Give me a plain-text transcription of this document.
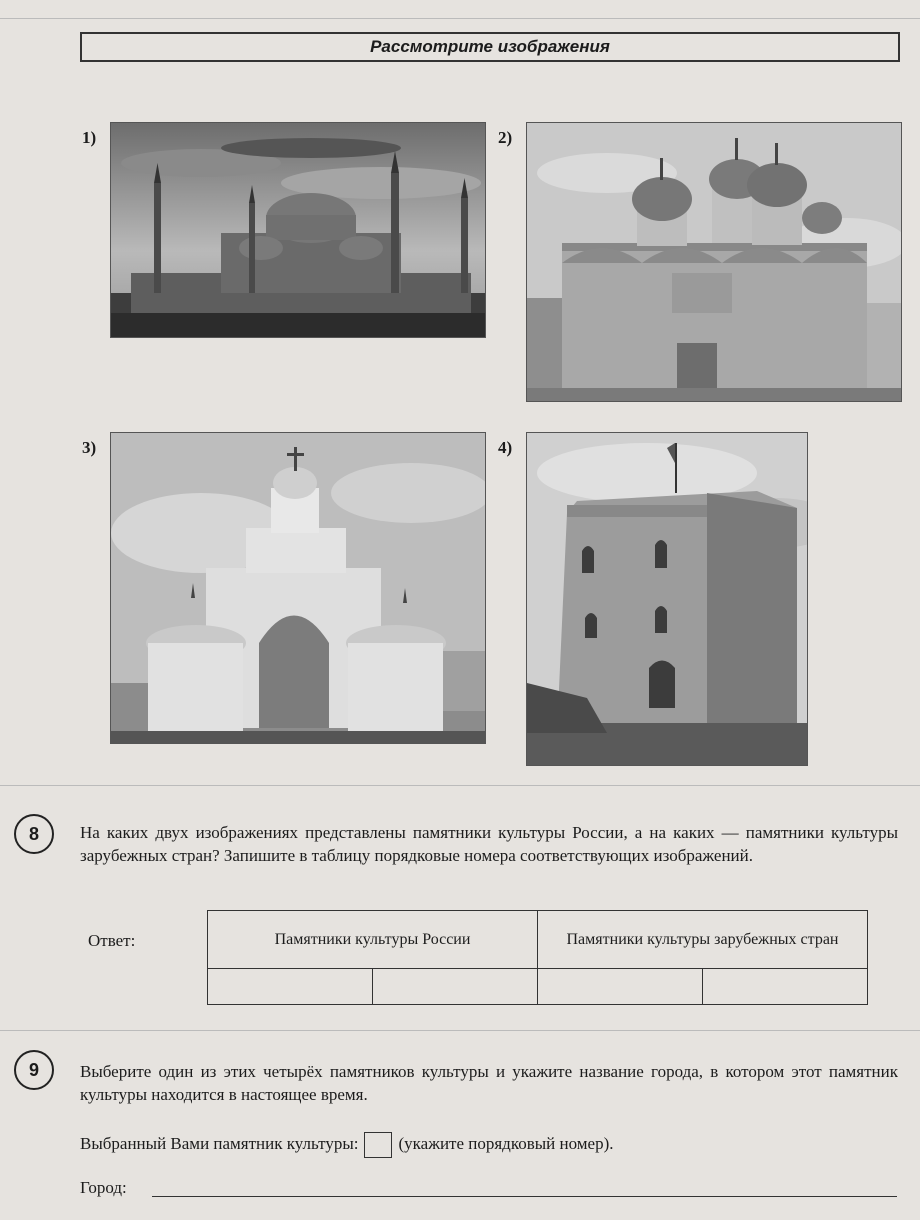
Рассмотрите изображения
1)	2)
3)	4)
8	На каких двух изображениях представлены памятники культуры России, а на каких — памятники культуры зарубежных стран? Запишите в таблицу порядковые номера соответствующих изображений.
Ответ:	Памятники культуры России		Памятники культуры зарубежных стран	

9	Выберите один из этих четырёх памятников культуры и укажите название города, в котором этот памятник культуры находится в настоящее время.
Выбранный Вами памятник культуры: (укажите порядковый номер).
Город:
